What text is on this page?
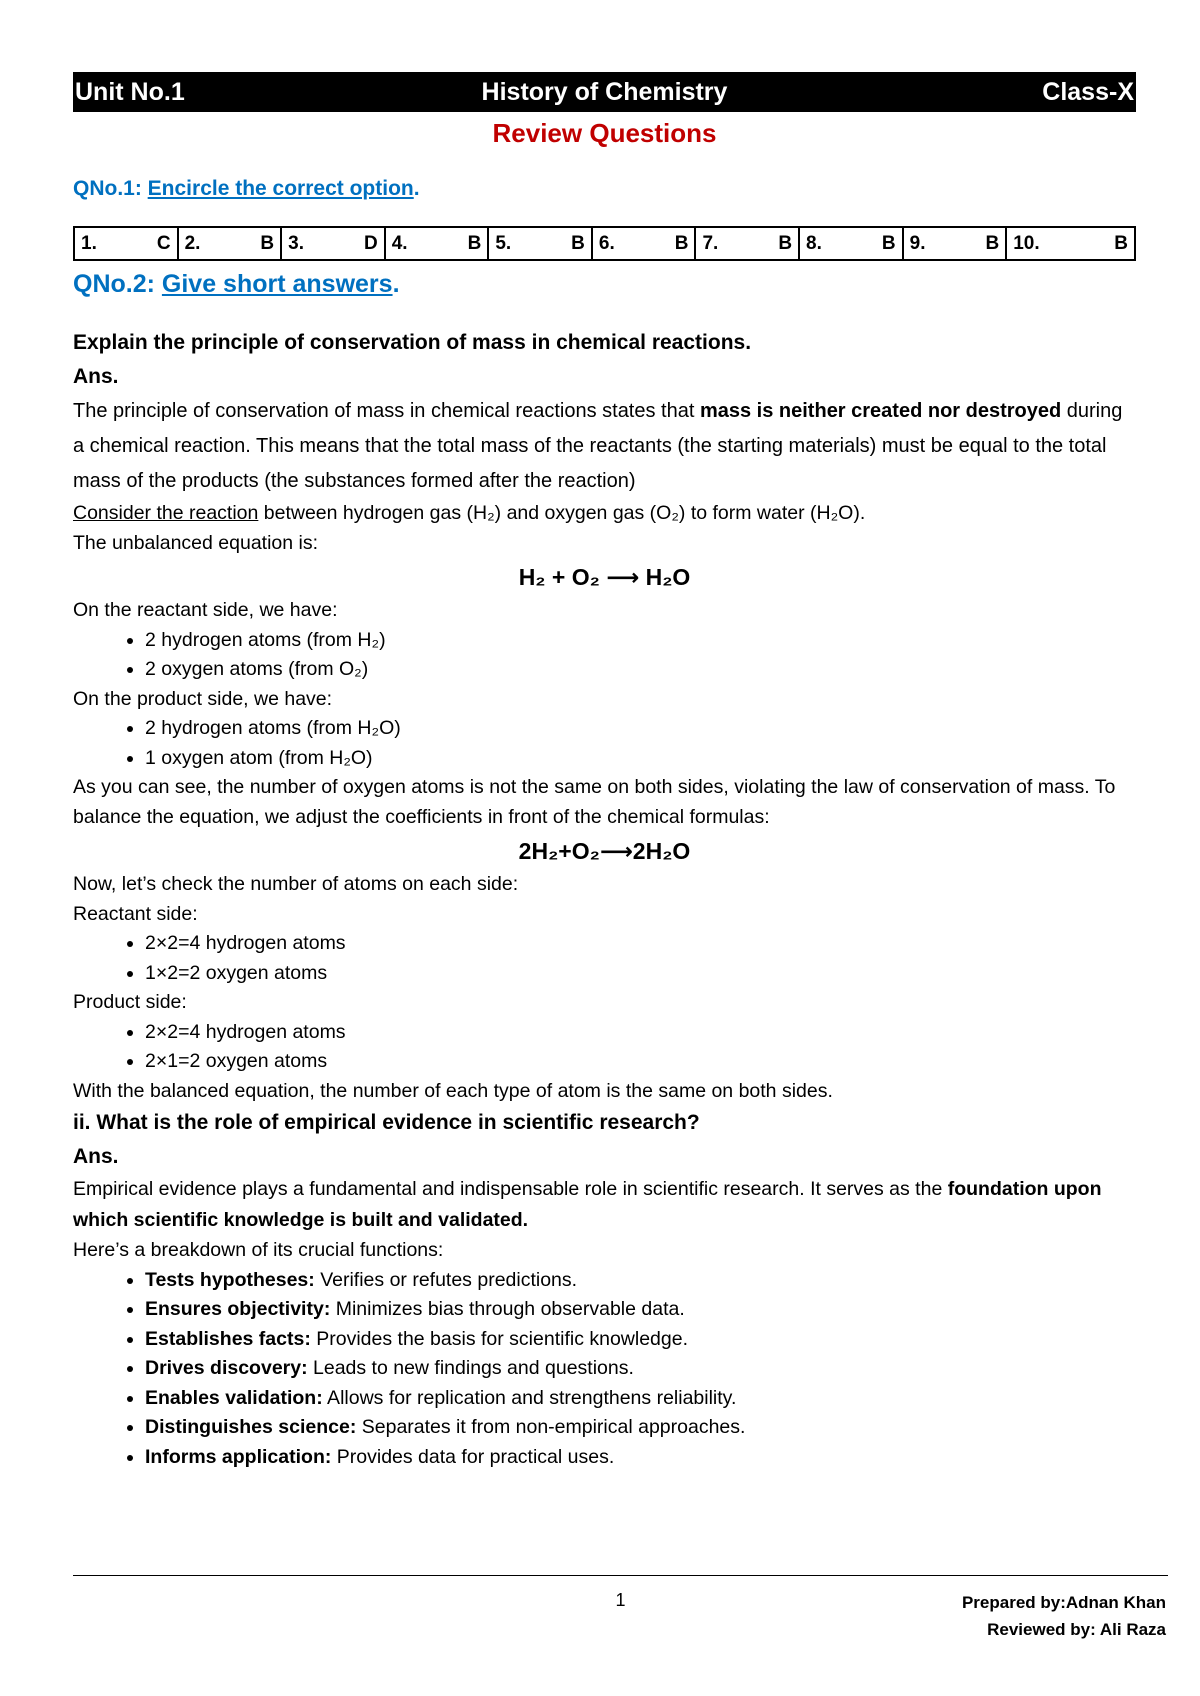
Unit No.1	History of Chemistry	Class-X
Review Questions
QNo.1: Encircle the correct option.
1.	C	2.	B	3.	D	4.	B	5.	B	6.	B	7.	B	8.	B	9.	B	10.	B
QNo.2: Give short answers.
Explain the principle of conservation of mass in chemical reactions.
Ans.
The principle of conservation of mass in chemical reactions states that mass is neither created nor destroyed during a chemical reaction. This means that the total mass of the reactants (the starting materials) must be equal to the total mass of the products (the substances formed after the reaction)
Consider the reaction between hydrogen gas (H₂) and oxygen gas (O₂) to form water (H₂O).
The unbalanced equation is:
H₂ + O₂ ⟶ H₂O
On the reactant side, we have:
• 2 hydrogen atoms (from H₂)
• 2 oxygen atoms (from O₂)
On the product side, we have:
• 2 hydrogen atoms (from H₂O)
• 1 oxygen atom (from H₂O)
As you can see, the number of oxygen atoms is not the same on both sides, violating the law of conservation of mass. To balance the equation, we adjust the coefficients in front of the chemical formulas:
2H₂+O₂⟶2H₂O
Now, let’s check the number of atoms on each side:
Reactant side:
• 2×2=4 hydrogen atoms
• 1×2=2 oxygen atoms
Product side:
• 2×2=4 hydrogen atoms
• 2×1=2 oxygen atoms
With the balanced equation, the number of each type of atom is the same on both sides.
ii. What is the role of empirical evidence in scientific research?
Ans.
Empirical evidence plays a fundamental and indispensable role in scientific research. It serves as the foundation upon which scientific knowledge is built and validated.
Here’s a breakdown of its crucial functions:
• Tests hypotheses: Verifies or refutes predictions.
• Ensures objectivity: Minimizes bias through observable data.
• Establishes facts: Provides the basis for scientific knowledge.
• Drives discovery: Leads to new findings and questions.
• Enables validation: Allows for replication and strengthens reliability.
• Distinguishes science: Separates it from non-empirical approaches.
• Informs application: Provides data for practical uses.
1	Prepared by:Adnan Khan
Reviewed by: Ali Raza
